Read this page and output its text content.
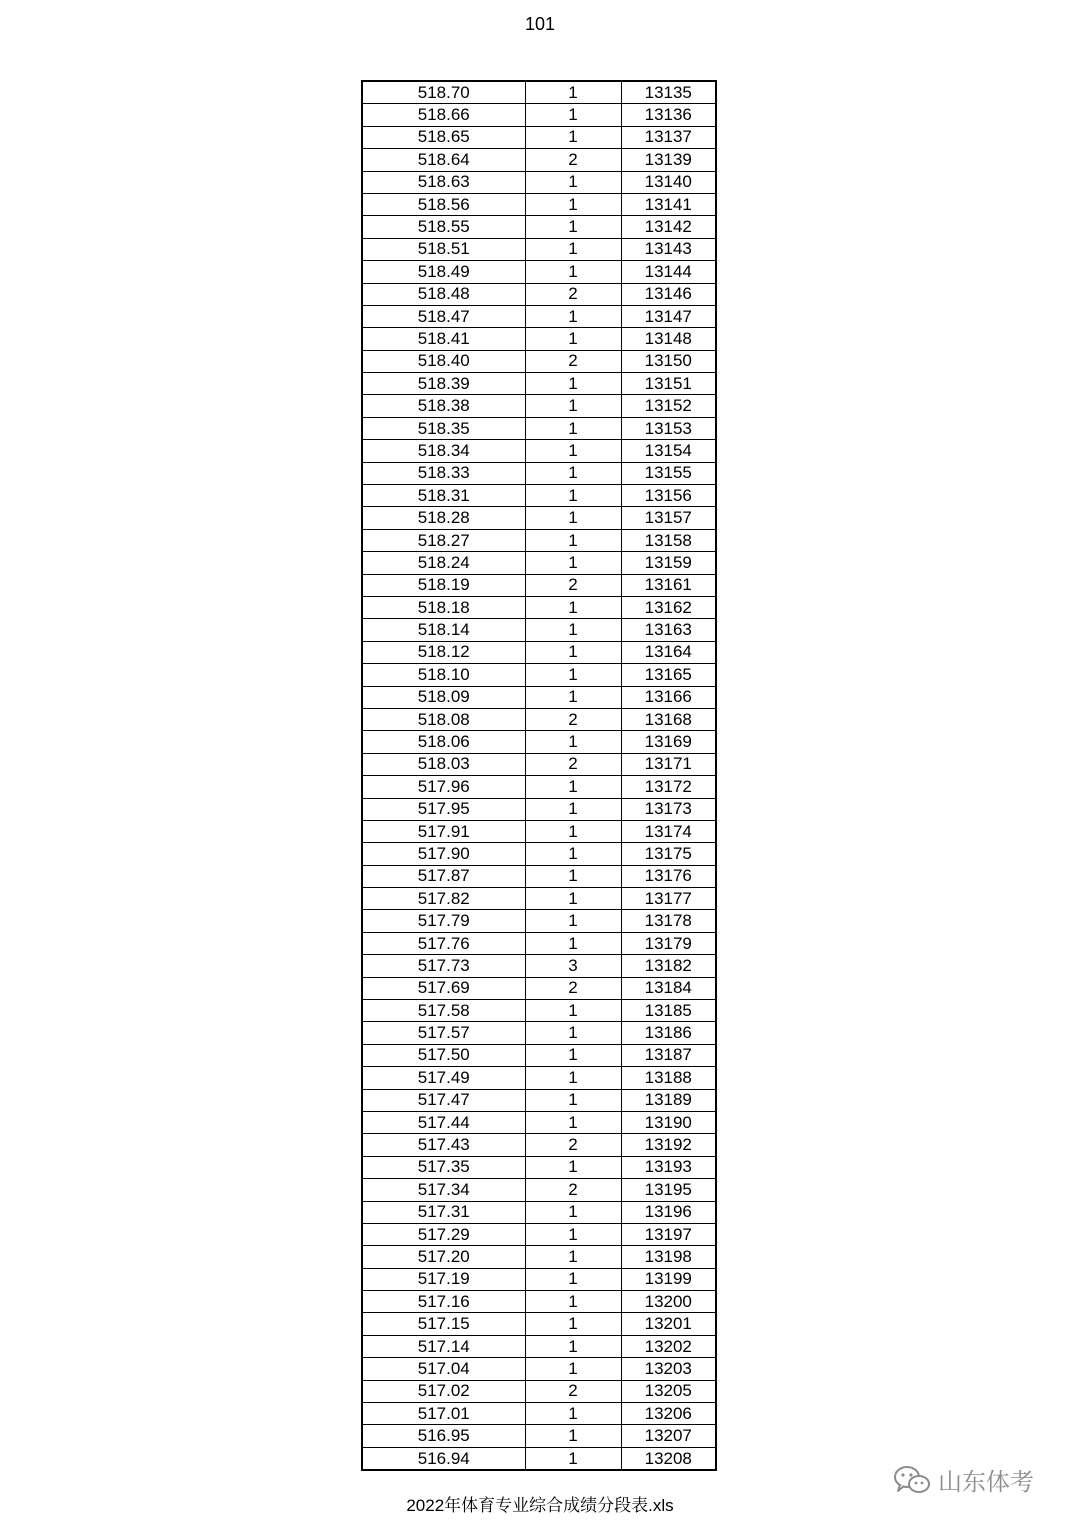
101
518.70	1	13135
518.66	1	13136
518.65	1	13137
518.64	2	13139
518.63	1	13140
518.56	1	13141
518.55	1	13142
518.51	1	13143
518.49	1	13144
518.48	2	13146
518.47	1	13147
518.41	1	13148
518.40	2	13150
518.39	1	13151
518.38	1	13152
518.35	1	13153
518.34	1	13154
518.33	1	13155
518.31	1	13156
518.28	1	13157
518.27	1	13158
518.24	1	13159
518.19	2	13161
518.18	1	13162
518.14	1	13163
518.12	1	13164
518.10	1	13165
518.09	1	13166
518.08	2	13168
518.06	1	13169
518.03	2	13171
517.96	1	13172
517.95	1	13173
517.91	1	13174
517.90	1	13175
517.87	1	13176
517.82	1	13177
517.79	1	13178
517.76	1	13179
517.73	3	13182
517.69	2	13184
517.58	1	13185
517.57	1	13186
517.50	1	13187
517.49	1	13188
517.47	1	13189
517.44	1	13190
517.43	2	13192
517.35	1	13193
517.34	2	13195
517.31	1	13196
517.29	1	13197
517.20	1	13198
517.19	1	13199
517.16	1	13200
517.15	1	13201
517.14	1	13202
517.04	1	13203
517.02	2	13205
517.01	1	13206
516.95	1	13207
516.94	1	13208
2022年体育专业综合成绩分段表.xls
山东体考
